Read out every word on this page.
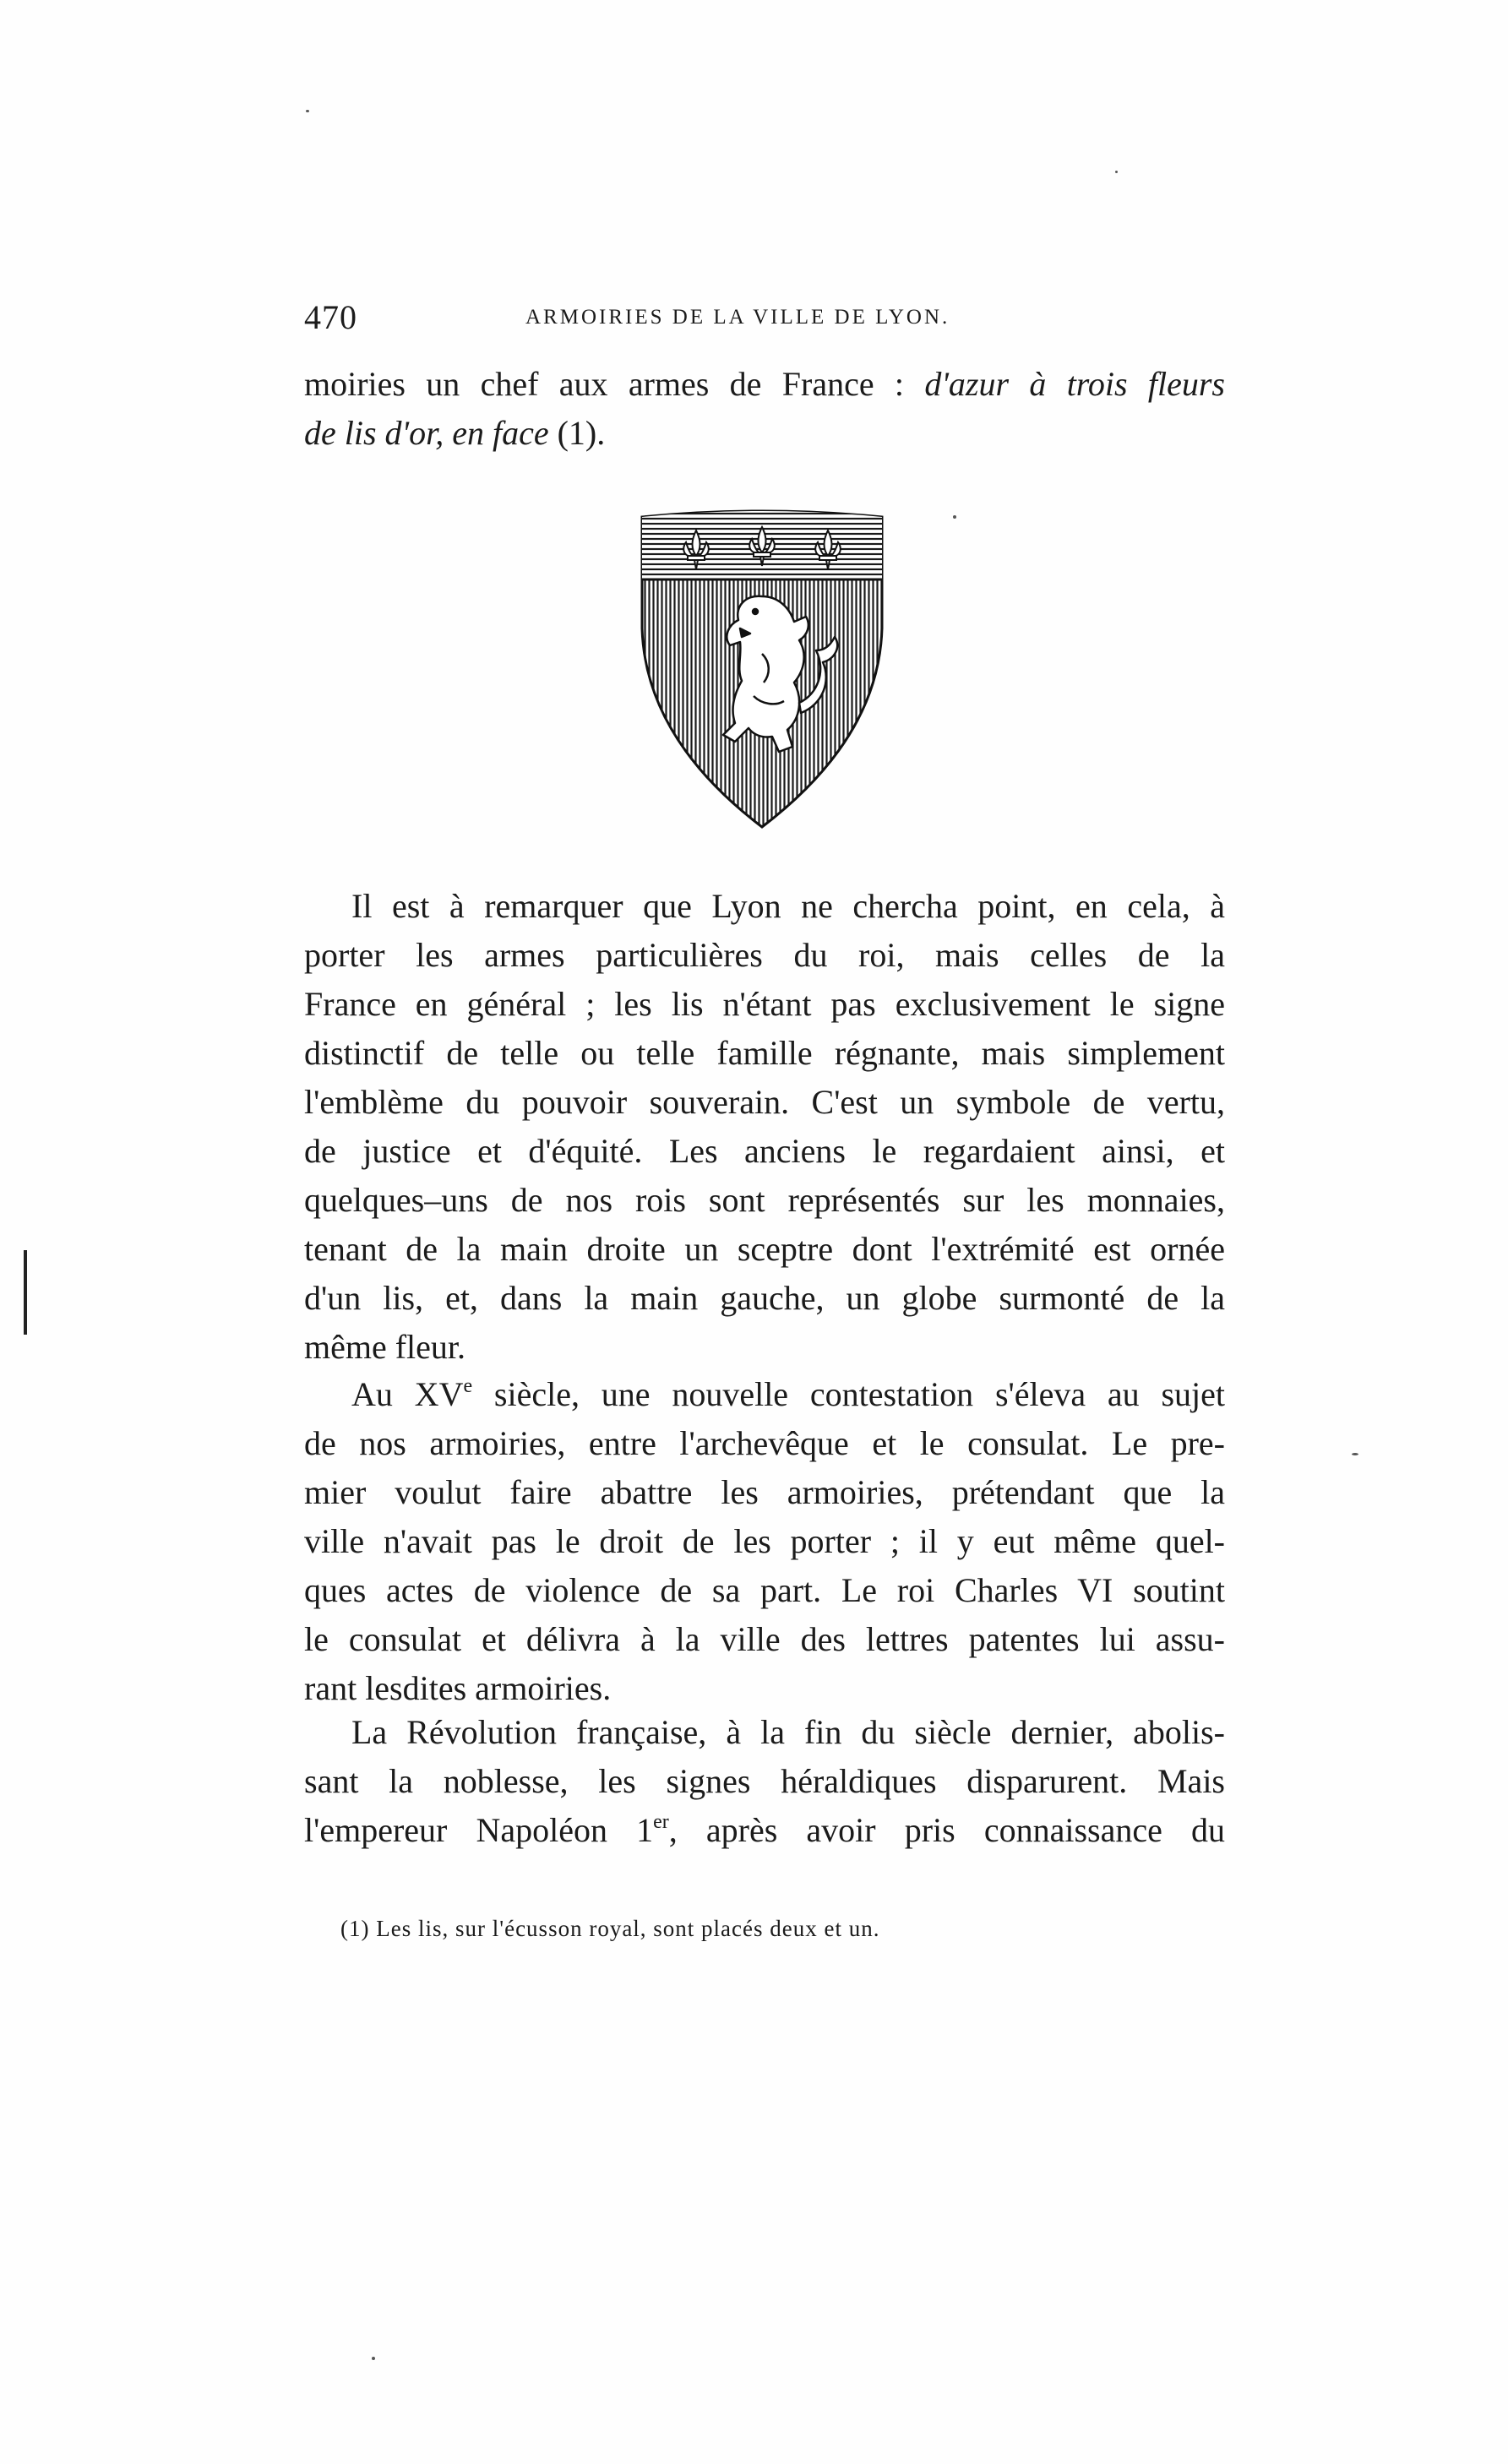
470	ARMOIRIES DE LA VILLE DE LYON.
moiries un chef aux armes de France : d'azur à trois fleurs
de lis d'or, en face (1).
Il est à remarquer que Lyon ne chercha point, en cela, à
porter les armes particulières du roi, mais celles de la
France en général ; les lis n'étant pas exclusivement le signe
distinctif de telle ou telle famille régnante, mais simplement
l'emblème du pouvoir souverain. C'est un symbole de vertu,
de justice et d'équité. Les anciens le regardaient ainsi, et
quelques–uns de nos rois sont représentés sur les monnaies,
tenant de la main droite un sceptre dont l'extrémité est ornée
d'un lis, et, dans la main gauche, un globe surmonté de la
même fleur.
Au XVe siècle, une nouvelle contestation s'éleva au sujet
de nos armoiries, entre l'archevêque et le consulat. Le pre-
mier voulut faire abattre les armoiries, prétendant que la
ville n'avait pas le droit de les porter ; il y eut même quel-
ques actes de violence de sa part. Le roi Charles VI soutint
le consulat et délivra à la ville des lettres patentes lui assu-
rant lesdites armoiries.
La Révolution française, à la fin du siècle dernier, abolis-
sant la noblesse, les signes héraldiques disparurent. Mais
l'empereur Napoléon 1er, après avoir pris connaissance du
(1) Les lis, sur l'écusson royal, sont placés deux et un.
